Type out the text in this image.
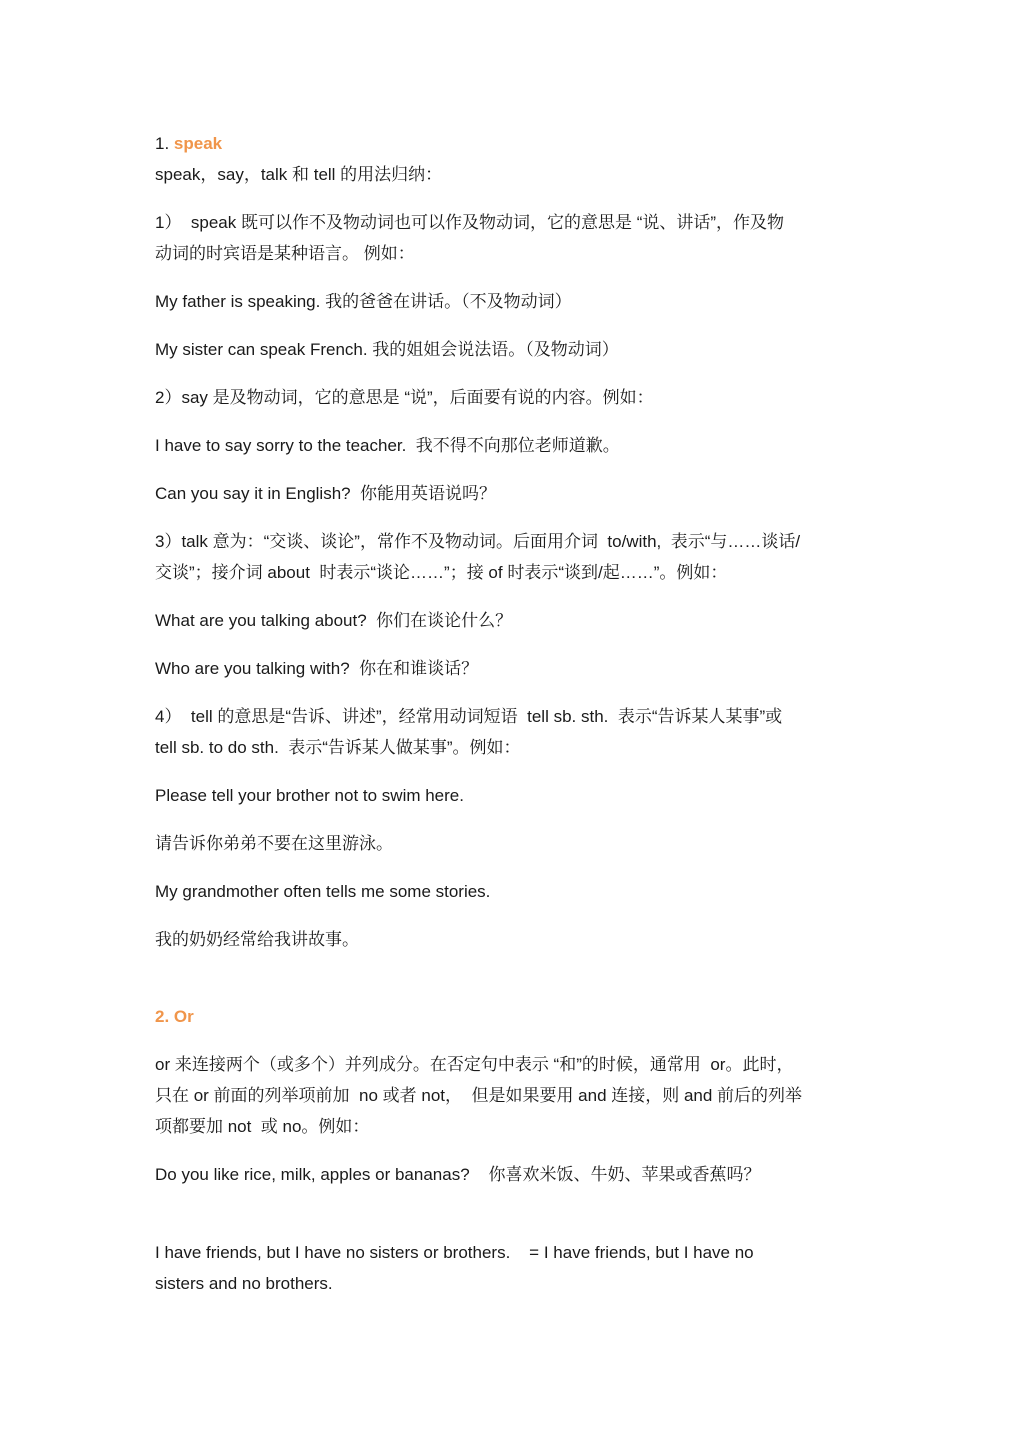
1. speak
speak，say，talk 和 tell 的用法归纳：
1）  speak 既可以作不及物动词也可以作及物动词，它的意思是 “说、讲话”，作及物
动词的时宾语是某种语言。 例如：
My father is speaking. 我的爸爸在讲话。（不及物动词）
My sister can speak French. 我的姐姐会说法语。（及物动词）
2）say 是及物动词，它的意思是 “说”，后面要有说的内容。例如：
I have to say sorry to the teacher.  我不得不向那位老师道歉。
Can you say it in English?  你能用英语说吗？
3）talk 意为：“交谈、谈论”，常作不及物动词。后面用介词  to/with,  表示“与……谈话/
交谈”；接介词 about  时表示“谈论……”；接 of 时表示“谈到/起……”。例如：
What are you talking about?  你们在谈论什么？
Who are you talking with?  你在和谁谈话？
4）  tell 的意思是“告诉、讲述”，经常用动词短语  tell sb. sth.  表示“告诉某人某事”或
tell sb. to do sth.  表示“告诉某人做某事”。例如：
Please tell your brother not to swim here.
请告诉你弟弟不要在这里游泳。
My grandmother often tells me some stories.
我的奶奶经常给我讲故事。
2. Or
or 来连接两个（或多个）并列成分。在否定句中表示 “和”的时候，通常用  or。此时，
只在 or 前面的列举项前加  no 或者 not，  但是如果要用 and 连接，则 and 前后的列举
项都要加 not  或 no。例如：
Do you like rice, milk, apples or bananas?    你喜欢米饭、牛奶、苹果或香蕉吗？
I have friends, but I have no sisters or brothers.    = I have friends, but I have no
sisters and no brothers.
